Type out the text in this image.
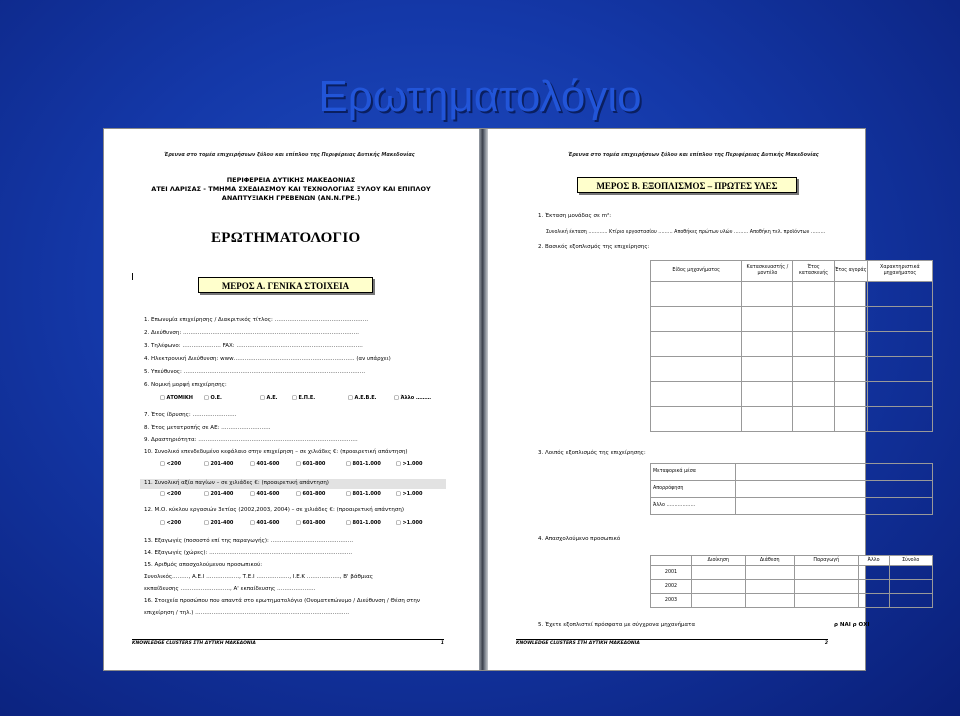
Ερωτηματολόγιο
Έρευνα στο τομέα επιχειρήσεων ξύλου και επίπλου της Περιφέρειας Δυτικής Μακεδονίας
ΠΕΡΙΦΕΡΕΙΑ ΔΥΤΙΚΗΣ ΜΑΚΕΔΟΝΙΑΣ
ΑΤΕΙ ΛΑΡΙΣΑΣ - ΤΜΗΜΑ ΣΧΕΔΙΑΣΜΟΥ ΚΑΙ ΤΕΧΝΟΛΟΓΙΑΣ ΞΥΛΟΥ ΚΑΙ ΕΠΙΠΛΟΥ
ΑΝΑΠΤΥΞΙΑΚΗ ΓΡΕΒΕΝΩΝ (ΑΝ.Ν.ΓΡΕ.)
ΕΡΩΤΗΜΑΤΟΛΟΓΙΟ
I
ΜΕΡΟΣ Α. ΓΕΝΙΚΑ ΣΤΟΙΧΕΙΑ
1. Επωνυμία επιχείρησης / Διακριτικός τίτλος: ……………………………………………
2. Διεύθυνση: ……………………………………………………………………………………
3. Τηλέφωνο: ………………… FAX: ……………………………………………………………
4. Ηλεκτρονική Διεύθυνση: www………………………………………………………… (αν υπάρχει)
5. Υπεύθυνος: ………………………………………………………………………………………
6. Νομική μορφή επιχείρησης:
□ ΑΤΟΜΙΚΗ □ Ο.Ε.	□ Α.Ε.	□ Ε.Π.Ε.	□ Α.Ε.Β.Ε.	□ Άλλο ………
7. Έτος ίδρυσης: ……………………
8. Έτος μετατροπής σε ΑΕ: ………………………
9. Δραστηριότητα: ……………………………………………………………………………
10. Συνολικό επενδεδυμένο κεφάλαιο στην επιχείρηση – σε χιλιάδες €: (προαιρετική απάντηση)
□ <200	□ 201-400	□ 401-600	□ 601-800	□ 801-1.000	□ >1.000
11. Συνολική αξία παγίων – σε χιλιάδες €: (προαιρετική απάντηση)
□ <200	□ 201-400	□ 401-600	□ 601-800	□ 801-1.000	□ >1.000
12. Μ.Ο. κύκλου εργασιών 3ετίας (2002,2003, 2004) – σε χιλιάδες €: (προαιρετική απάντηση)
□ <200	□ 201-400	□ 401-600	□ 601-800	□ 801-1.000	□ >1.000
13. Εξαγωγές (ποσοστό επί της παραγωγής): ………………………………………
14. Εξαγωγές (χώρες): ……………………………………………………………………
15. Αριθμός απασχολούμενου προσωπικού:
Συνολικός………, Α.Ε.Ι ………………, Τ.Ε.Ι ………………, Ι.Ε.Κ ………………, Β' βάθμιας
εκπαίδευσης ………………………, Α' εκπαίδευσης …………………
16. Στοιχεία προσώπου που απαντά στο ερωτηματολόγιο (Ονοματεπώνυμο / Διεύθυνση / Θέση στην
επιχείρηση / τηλ.) …………………………………………………………………………
KNOWLEDGE CLUSTERS ΣΤΗ ΔΥΤΙΚΗ ΜΑΚΕΔΟΝΙΑ	1
Έρευνα στο τομέα επιχειρήσεων ξύλου και επίπλου της Περιφέρειας Δυτικής Μακεδονίας
ΜΕΡΟΣ Β. ΕΞΟΠΛΙΣΜΟΣ – ΠΡΩΤΕΣ ΥΛΕΣ
1. Έκταση μονάδας σε m²:
Συνολική έκταση ………… Κτίριο εργοστασίου ……… Αποθήκες πρώτων υλών ……… Αποθήκη τελ. προϊόντων ………
2. Βασικός εξοπλισμός της επιχείρησης:
Είδος μηχανήματος	Κατασκευαστής / μοντέλο	Έτος κατασκευής	Έτος αγοράς	Χαρακτηριστικά μηχανήματος

3. Λοιπός εξοπλισμός της επιχείρησης:
Μεταφορικά μέσα	
Απορρόφηση	
Άλλο ………………	
4. Απασχολούμενο προσωπικό
	Διοίκηση	Διάθεση	Παραγωγή	Άλλο	Σύνολο
2001					
2002					
2003					
5. Έχετε εξοπλιστεί πρόσφατα με σύγχρονα μηχανήματα	ρ ΝΑΙ ρ ΟΧΙ
KNOWLEDGE CLUSTERS ΣΤΗ ΔΥΤΙΚΗ ΜΑΚΕΔΟΝΙΑ	2
